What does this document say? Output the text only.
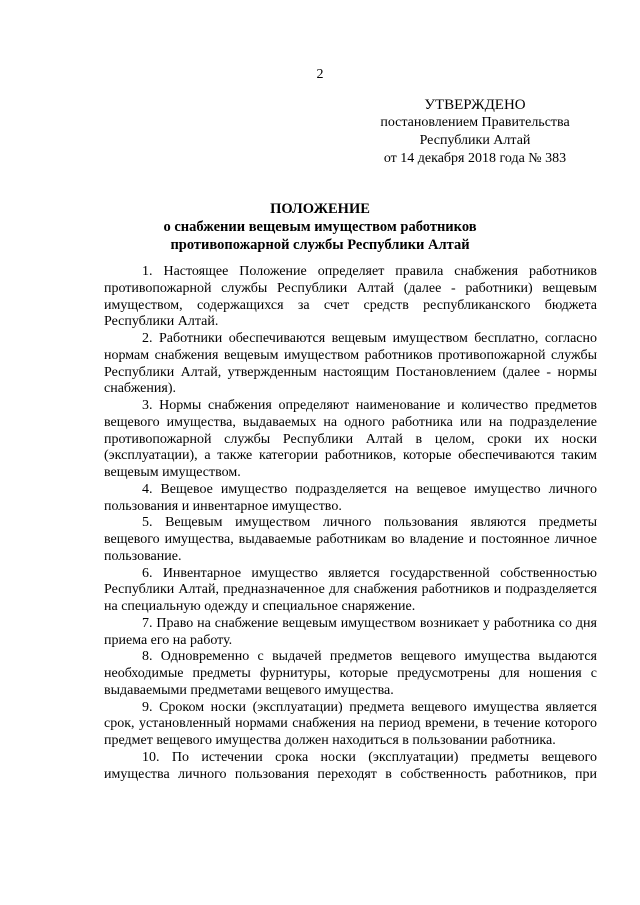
2
УТВЕРЖДЕНО
постановлением Правительства
Республики Алтай
от 14 декабря 2018 года № 383
ПОЛОЖЕНИЕ
о снабжении вещевым имуществом работников
противопожарной службы Республики Алтай

1. Настоящее Положение определяет правила снабжения работников противопожарной службы Республики Алтай (далее - работники) вещевым имуществом, содержащихся за счет средств республиканского бюджета Республики Алтай.

2. Работники обеспечиваются вещевым имуществом бесплатно, согласно нормам снабжения вещевым имуществом работников противопожарной службы Республики Алтай, утвержденным настоящим Постановлением (далее - нормы снабжения).

3. Нормы снабжения определяют наименование и количество предметов вещевого имущества, выдаваемых на одного работника или на подразделение противопожарной службы Республики Алтай в целом, сроки их носки (эксплуатации), а также категории работников, которые обеспечиваются таким вещевым имуществом.

4. Вещевое имущество подразделяется на вещевое имущество личного пользования и инвентарное имущество.

5. Вещевым имуществом личного пользования являются предметы вещевого имущества, выдаваемые работникам во владение и постоянное личное пользование.

6. Инвентарное имущество является государственной собственностью Республики Алтай, предназначенное для снабжения работников и подразделяется на специальную одежду и специальное снаряжение.

7. Право на снабжение вещевым имуществом возникает у работника со дня приема его на работу.

8. Одновременно с выдачей предметов вещевого имущества выдаются необходимые предметы фурнитуры, которые предусмотрены для ношения с выдаваемыми предметами вещевого имущества.

9. Сроком носки (эксплуатации) предмета вещевого имущества является срок, установленный нормами снабжения на период времени, в течение которого предмет вещевого имущества должен находиться в пользовании работника.

10. По истечении срока носки (эксплуатации) предметы вещевого имущества личного пользования переходят в собственность работников, при
